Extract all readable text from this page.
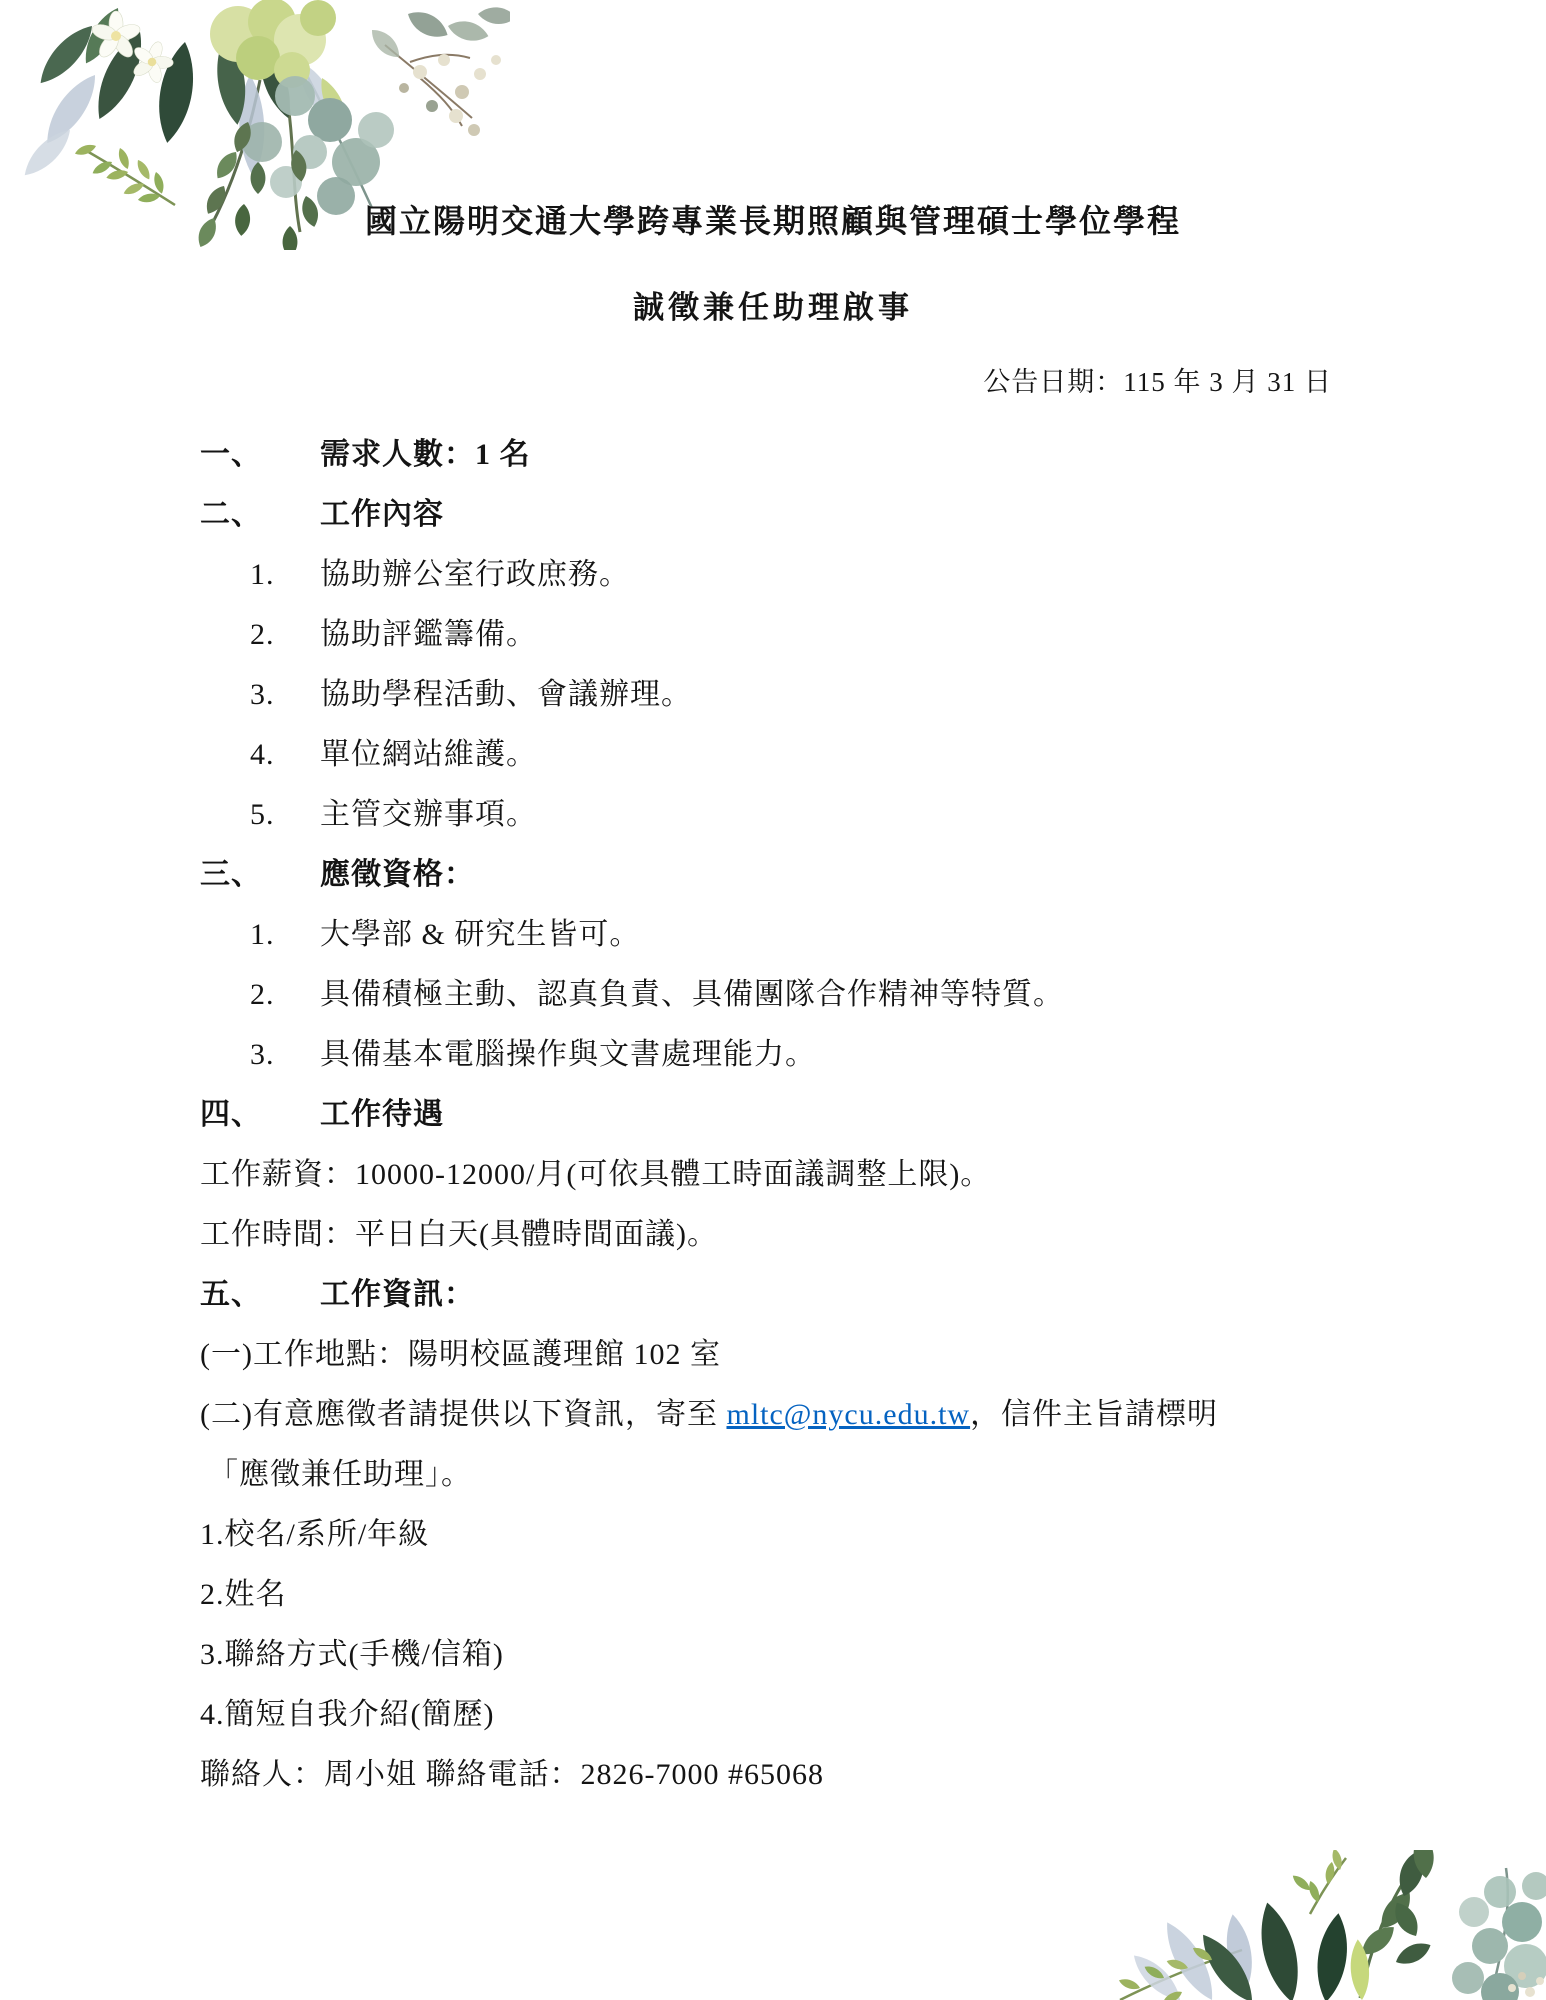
國立陽明交通大學跨專業長期照顧與管理碩士學位學程
誠徵兼任助理啟事
公告日期：115 年 3 月 31 日
一、 需求人數：1 名
二、 工作內容
1. 協助辦公室行政庶務。
2. 協助評鑑籌備。
3. 協助學程活動、會議辦理。
4. 單位網站維護。
5. 主管交辦事項。
三、 應徵資格：
1. 大學部 & 研究生皆可。
2. 具備積極主動、認真負責、具備團隊合作精神等特質。
3. 具備基本電腦操作與文書處理能力。
四、 工作待遇
工作薪資：10000-12000/月(可依具體工時面議調整上限)。
工作時間：平日白天(具體時間面議)。
五、 工作資訊：
(一)工作地點：陽明校區護理館 102 室
(二)有意應徵者請提供以下資訊，寄至 mltc@nycu.edu.tw，信件主旨請標明
「應徵兼任助理」。
1.校名/系所/年級
2.姓名
3.聯絡方式(手機/信箱)
4.簡短自我介紹(簡歷)
聯絡人：周小姐 聯絡電話：2826-7000 #65068
